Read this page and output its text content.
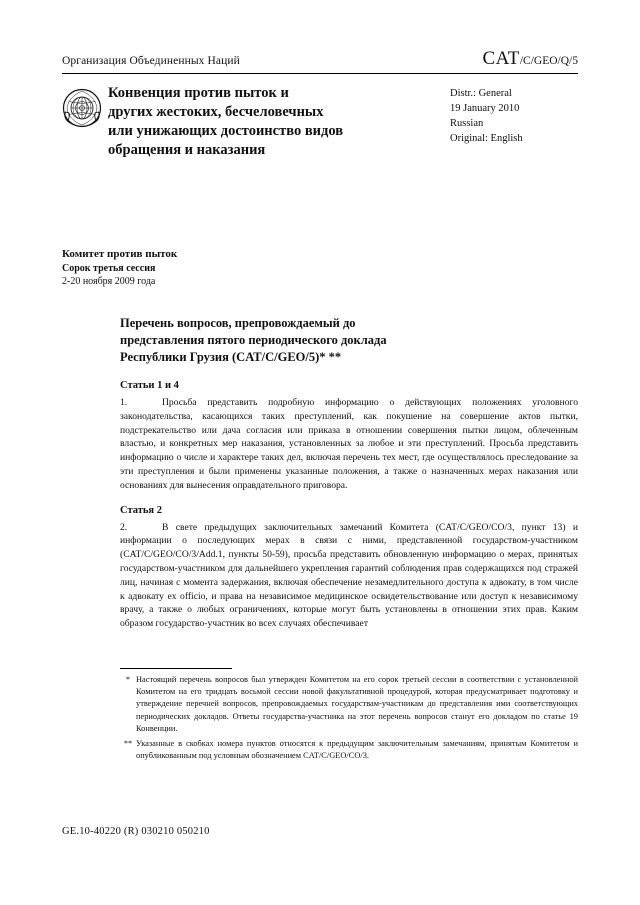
Организация Объединенных Наций	CAT/C/GEO/Q/5
Конвенция против пыток и
других жестоких, бесчеловечных
или унижающих достоинство видов
обращения и наказания
Distr.: General
19 January 2010
Russian
Original: English
Комитет против пыток
Сорок третья сессия
2-20 ноября 2009 года
Перечень вопросов, препровождаемый до
представления пятого периодического доклада
Республики Грузия (CAT/C/GEO/5)* **
Статьи 1 и 4
1.	Просьба представить подробную информацию о действующих положениях уголовного законодательства, касающихся таких преступлений, как покушение на совершение актов пытки, подстрекательство или дача согласия или приказа в отношении совершения пытки лицом, облеченным властью, и конкретных мер наказания, установленных за любое и эти преступлений. Просьба представить информацию о числе и характере таких дел, включая перечень тех мест, где осуществлялось преследование за эти преступления и были применены указанные положения, а также о назначенных мерах наказания или основаниях для вынесения оправдательного приговора.
Статья 2
2.	В свете предыдущих заключительных замечаний Комитета (CAT/C/GEO/CO/3, пункт 13) и информации о последующих мерах в связи с ними, представленной государством-участником (CAT/C/GEO/CO/3/Add.1, пункты 50-59), просьба представить обновленную информацию о мерах, принятых государством-участником для дальнейшего укрепления гарантий соблюдения прав содержащихся под стражей лиц, начиная с момента задержания, включая обеспечение незамедлительного доступа к адвокату, в том числе к адвокату ex officio, и права на независимое медицинское освидетельствование или доступ к независимому врачу, а также о любых ограничениях, которые могут быть установлены в отношении этих прав. Каким образом государство-участник во всех случаях обеспечивает
* Настоящий перечень вопросов был утвержден Комитетом на его сорок третьей сессии в соответствии с установленной Комитетом на его тридцать восьмой сессии новой факультативной процедурой, которая предусматривает подготовку и утверждение перечней вопросов, препровождаемых государствам-участникам до представления ими соответствующих периодических докладов. Ответы государства-участника на этот перечень вопросов станут его докладом по статье 19 Конвенции.
** Указанные в скобках номера пунктов относятся к предыдущим заключительным замечаниям, принятым Комитетом и опубликованным под условным обозначением CAT/C/GEO/CO/3.
GE.10-40220 (R) 030210 050210
